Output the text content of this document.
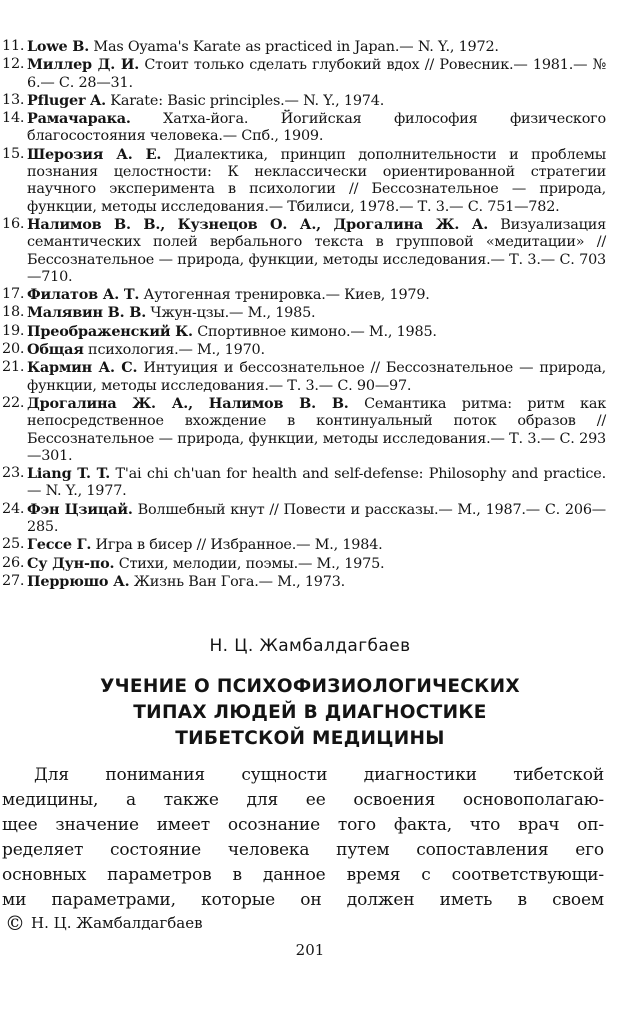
11. Lowe B. Mas Oyama's Karate as practiced in Japan.— N. Y., 1972.
12. Миллер Д. И. Стоит только сделать глубокий вдох // Ровесник.— 1981.— № 6.— С. 28—31.
13. Pfluger A. Karate: Basic principles.— N. Y., 1974.
14. Рамачарака. Хатха-йога. Йогийская философия физического благосостояния человека.— Спб., 1909.
15. Шерозия А. Е. Диалектика, принцип дополнительности и проблемы познания целостности: К неклассически ориентированной стратегии научного эксперимента в психологии // Бессознательное — природа, функции, методы исследования.— Тбилиси, 1978.— Т. 3.— С. 751—782.
16. Налимов В. В., Кузнецов О. А., Дрогалина Ж. А. Визуализация семантических полей вербального текста в групповой «медитации» // Бессознательное — природа, функции, методы исследования.— Т. 3.— С. 703—710.
17. Филатов А. Т. Аутогенная тренировка.— Киев, 1979.
18. Малявин В. В. Чжун-цзы.— М., 1985.
19. Преображенский К. Спортивное кимоно.— М., 1985.
20. Общая психология.— М., 1970.
21. Кармин А. С. Интуиция и бессознательное // Бессознательное — природа, функции, методы исследования.— Т. 3.— С. 90—97.
22. Дрогалина Ж. А., Налимов В. В. Семантика ритма: ритм как непосредственное вхождение в континуальный поток образов // Бессознательное — природа, функции, методы исследования.— Т. 3.— С. 293—301.
23. Liang T. T. T'ai chi ch'uan for health and self-defense: Philosophy and practice.— N. Y., 1977.
24. Фэн Цзицай. Волшебный кнут // Повести и рассказы.— М., 1987.— С. 206—285.
25. Гессе Г. Игра в бисер // Избранное.— М., 1984.
26. Су Дун-по. Стихи, мелодии, поэмы.— М., 1975.
27. Перрюшо А. Жизнь Ван Гога.— М., 1973.
Н. Ц. Жамбалдагбаев
УЧЕНИЕ О ПСИХОФИЗИОЛОГИЧЕСКИХ
ТИПАХ ЛЮДЕЙ В ДИАГНОСТИКЕ
ТИБЕТСКОЙ МЕДИЦИНЫ

Для понимания сущности диагностики тибетской
медицины, а также для ее освоения основополагаю-
щее значение имеет осознание того факта, что врач оп-
ределяет состояние человека путем сопоставления его
основных параметров в данное время с соответствующи-
ми параметрами, которые он должен иметь в своем

© Н. Ц. Жамбалдагбаев
201
